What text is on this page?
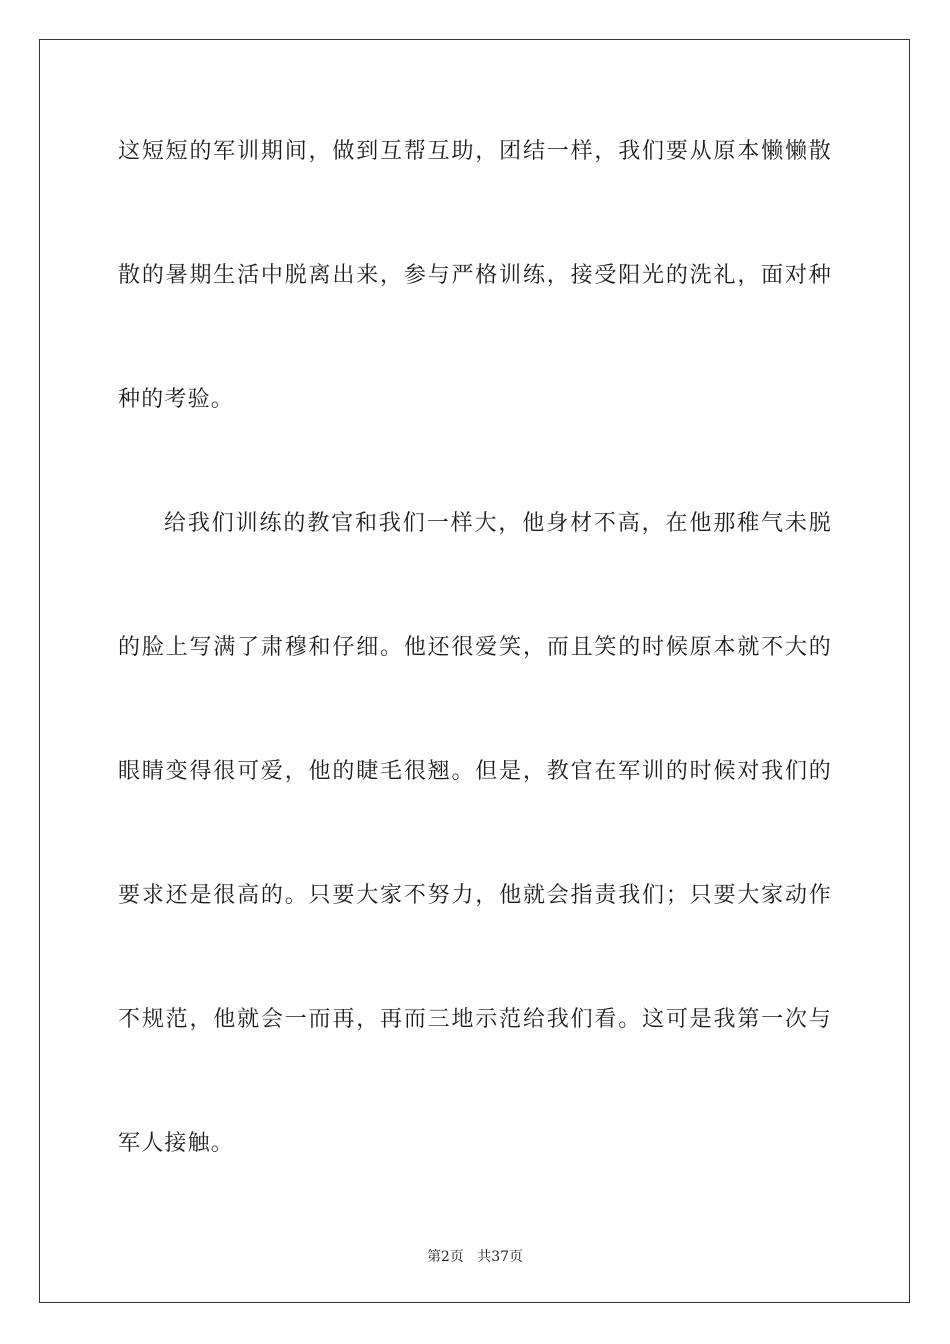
这短短的军训期间，做到互帮互助，团结一样，我们要从原本懒懒散
散的暑期生活中脱离出来，参与严格训练，接受阳光的洗礼，面对种
种的考验。
给我们训练的教官和我们一样大，他身材不高，在他那稚气未脱
的脸上写满了肃穆和仔细。他还很爱笑，而且笑的时候原本就不大的
眼睛变得很可爱，他的睫毛很翘。但是，教官在军训的时候对我们的
要求还是很高的。只要大家不努力，他就会指责我们；只要大家动作
不规范，他就会一而再，再而三地示范给我们看。这可是我第一次与
军人接触。
第2页 共37页
